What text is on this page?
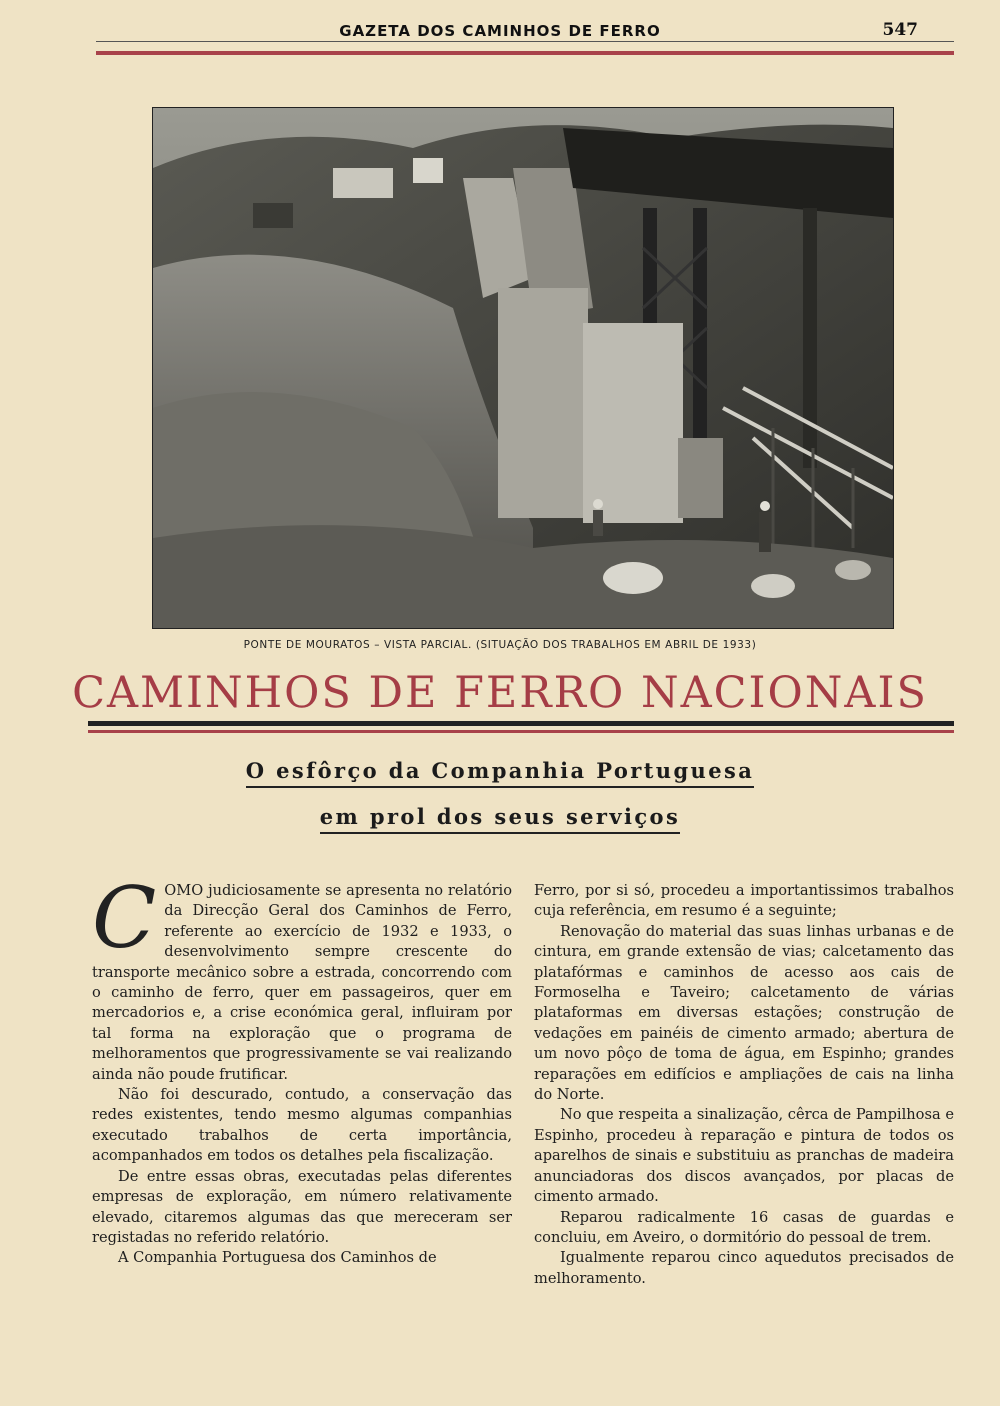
GAZETA DOS CAMINHOS DE FERRO	547
PONTE DE MOURATOS – VISTA PARCIAL. (SITUAÇÃO DOS TRABALHOS EM ABRIL DE 1933)
CAMINHOS DE FERRO NACIONAIS
O esfôrço da Companhia Portuguesa
em prol dos seus serviços

C OMO judiciosamente se apresenta no relatório da Direcção Geral dos Caminhos de Ferro, referente ao exercício de 1932 e 1933, o desenvolvimento sempre crescente do transporte mecânico sobre a estrada, concorrendo com o caminho de ferro, quer em passageiros, quer em mercadorios e, a crise económica geral, influiram por tal forma na exploração que o programa de melhoramentos que progressivamente se vai realizando ainda não poude frutificar.

Não foi descurado, contudo, a conservação das redes existentes, tendo mesmo algumas companhias executado trabalhos de certa importância, acompanhados em todos os detalhes pela fiscalização.

De entre essas obras, executadas pelas diferentes empresas de exploração, em número relativamente elevado, citaremos algumas das que mereceram ser registadas no referido relatório.

A Companhia Portuguesa dos Caminhos de

Ferro, por si só, procedeu a importantissimos trabalhos cuja referência, em resumo é a seguinte;

Renovação do material das suas linhas urbanas e de cintura, em grande extensão de vias; calcetamento das platafórmas e caminhos de acesso aos cais de Formoselha e Taveiro; calcetamento de várias plataformas em diversas estações; construção de vedações em painéis de cimento armado; abertura de um novo pôço de toma de água, em Espinho; grandes reparações em edifícios e ampliações de cais na linha do Norte.

No que respeita a sinalização, cêrca de Pampilhosa e Espinho, procedeu à reparação e pintura de todos os aparelhos de sinais e substituiu as pranchas de madeira anunciadoras dos discos avançados, por placas de cimento armado.

Reparou radicalmente 16 casas de guardas e concluiu, em Aveiro, o dormitório do pessoal de trem.

Igualmente reparou cinco aquedutos precisados de melhoramento.
